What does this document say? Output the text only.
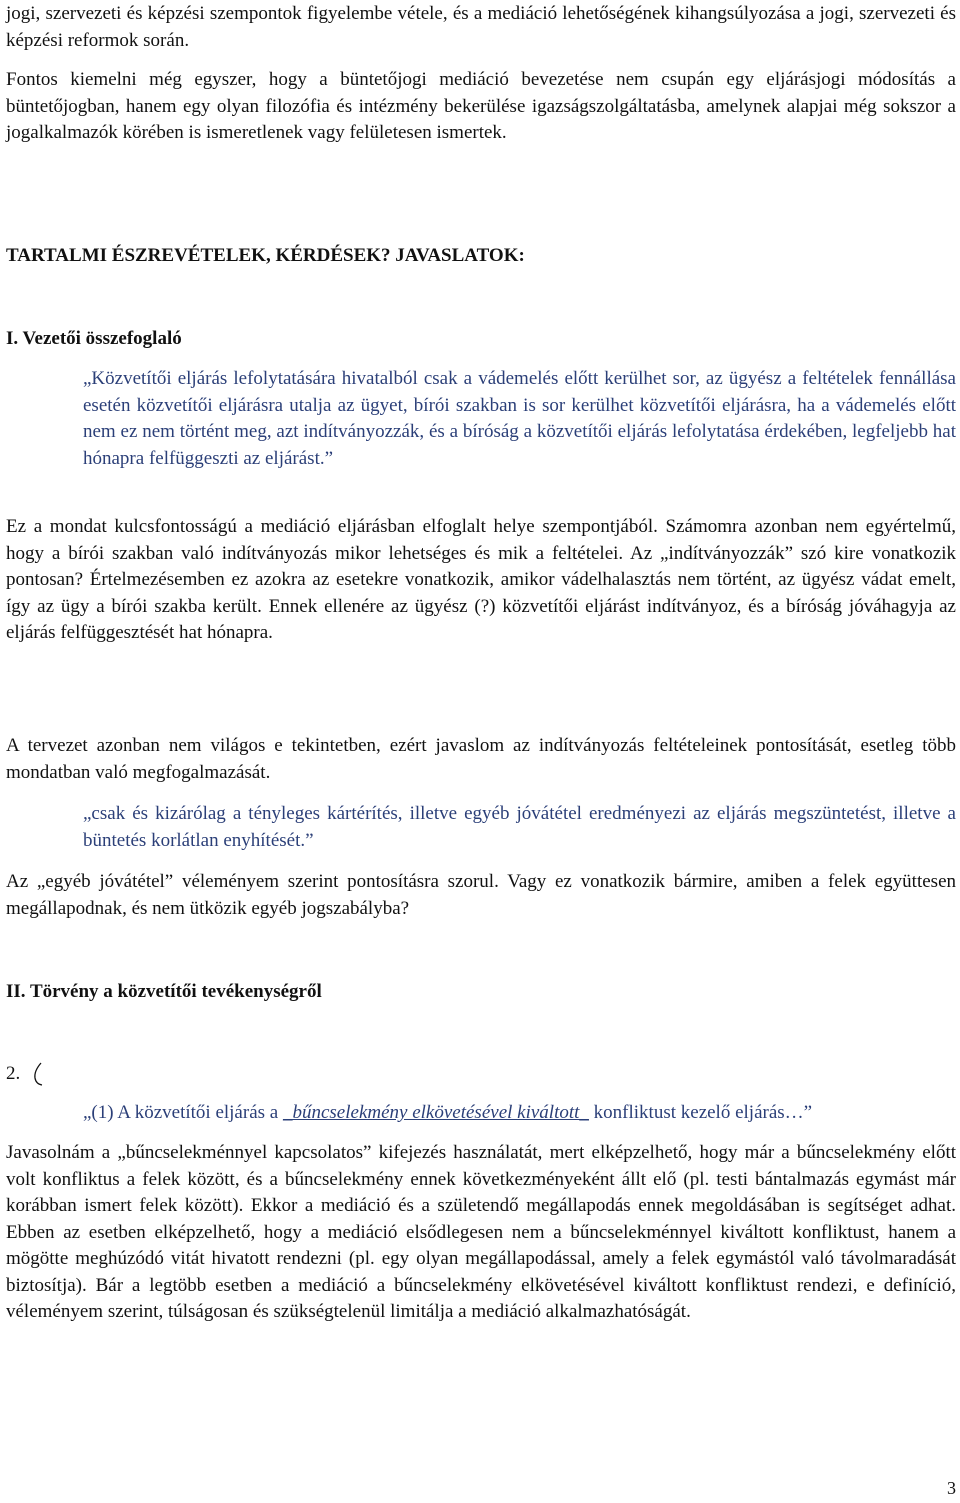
jogi, szervezeti és képzési szempontok figyelembe vétele, és a mediáció lehetőségének kihangsúlyozása a jogi, szervezeti és képzési reformok során.

Fontos kiemelni még egyszer, hogy a büntetőjogi mediáció bevezetése nem csupán egy eljárásjogi módosítás a büntetőjogban, hanem egy olyan filozófia és intézmény bekerülése igazságszolgáltatásba, amelynek alapjai még sokszor a jogalkalmazók körében is ismeretlenek vagy felületesen ismertek.

TARTALMI ÉSZREVÉTELEK, KÉRDÉSEK? JAVASLATOK:

I. Vezetői összefoglaló

„Közvetítői eljárás lefolytatására hivatalból csak a vádemelés előtt kerülhet sor, az ügyész a feltételek fennállása esetén közvetítői eljárásra utalja az ügyet, bírói szakban is sor kerülhet közvetítői eljárásra, ha a vádemelés előtt nem ez nem történt meg, azt indítványozzák, és a bíróság a közvetítői eljárás lefolytatása érdekében, legfeljebb hat hónapra felfüggeszti az eljárást.”

Ez a mondat kulcsfontosságú a mediáció eljárásban elfoglalt helye szempontjából. Számomra azonban nem egyértelmű, hogy a bírói szakban való indítványozás mikor lehetséges és mik a feltételei. Az „indítványozzák” szó kire vonatkozik pontosan? Értelmezésemben ez azokra az esetekre vonatkozik, amikor vádelhalasztás nem történt, az ügyész vádat emelt, így az ügy a bírói szakba került. Ennek ellenére az ügyész (?) közvetítői eljárást indítványoz, és a bíróság jóváhagyja az eljárás felfüggesztését hat hónapra.

A tervezet azonban nem világos e tekintetben, ezért javaslom az indítványozás feltételeinek pontosítását, esetleg több mondatban való megfogalmazását.

„csak és kizárólag a tényleges kártérítés, illetve egyéb jóvátétel eredményezi az eljárás megszüntetést, illetve a büntetés korlátlan enyhítését.”

Az „egyéb jóvátétel” véleményem szerint pontosításra szorul. Vagy ez vonatkozik bármire, amiben a felek együttesen megállapodnak, és nem ütközik egyéb jogszabályba?

II. Törvény a közvetítői tevékenységről

2.

„(1) A közvetítői eljárás a _bűncselekmény elkövetésével kiváltott_ konfliktust kezelő eljárás…”

Javasolnám a „bűncselekménnyel kapcsolatos” kifejezés használatát, mert elképzelhető, hogy már a bűncselekmény előtt volt konfliktus a felek között, és a bűncselekmény ennek következményeként állt elő (pl. testi bántalmazás egymást már korábban ismert felek között). Ekkor a mediáció és a születendő megállapodás ennek megoldásában is segítséget adhat. Ebben az esetben elképzelhető, hogy a mediáció elsődlegesen nem a bűncselekménnyel kiváltott konfliktust, hanem a mögötte meghúzódó vitát hivatott rendezni (pl. egy olyan megállapodással, amely a felek egymástól való távolmaradását biztosítja). Bár a legtöbb esetben a mediáció a bűncselekmény elkövetésével kiváltott konfliktust rendezi, e definíció, véleményem szerint, túlságosan és szükségtelenül limitálja a mediáció alkalmazhatóságát.

3
